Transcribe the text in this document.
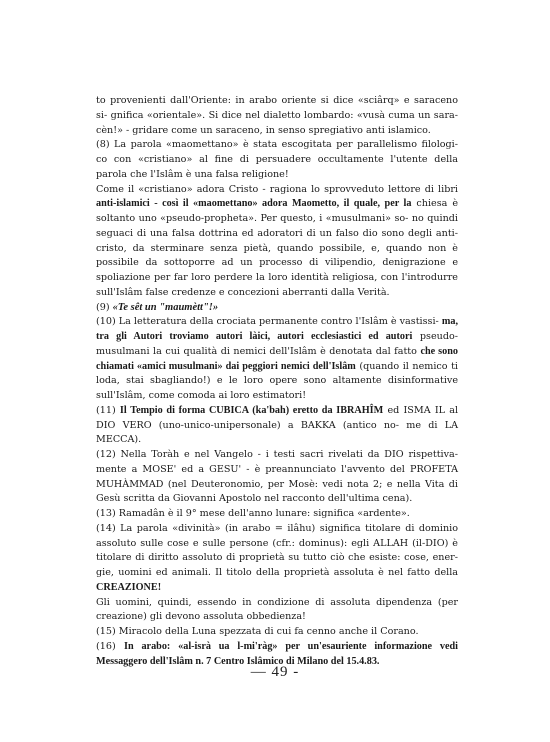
to provenienti dall'Oriente: in arabo oriente si dice «sciârq» e saraceno si- gnifica «orientale». Si dice nel dialetto lombardo: «vusà cuma un sara- cèn!» - gridare come un saraceno, in senso spregiativo anti islamico.

(8) La parola «maomettano» è stata escogitata per parallelismo filologi- co con «cristiano» al fine di persuadere occultamente l'utente della parola che l'Islâm è una falsa religione!

Come il «cristiano» adora Cristo - ragiona lo sprovveduto lettore di libri anti-islamici - così il «maomettano» adora Maometto, il quale, per la chiesa è soltanto uno «pseudo-propheta». Per questo, i «musulmani» so- no quindi seguaci di una falsa dottrina ed adoratori di un falso dio sono degli anti-cristo, da sterminare senza pietà, quando possibile, e, quando non è possibile da sottoporre ad un processo di vilipendio, denigrazione e spoliazione per far loro perdere la loro identità religiosa, con l'introdurre sull'Islâm false credenze e concezioni aberranti dalla Verità.

(9) «Te sêt un "maumètt"!»

(10) La letteratura della crociata permanente contro l'Islâm è vastissi- ma, tra gli Autori troviamo autori làici, autori ecclesiastici ed autori pseudo-musulmani la cui qualità di nemici dell'Islâm è denotata dal fatto che sono chiamati «amici musulmani» dai peggiori nemici dell'Islâm (quando il nemico ti loda, stai sbagliando!) e le loro opere sono altamente disinformative sull'Islâm, come comoda ai loro estimatori!

(11) Il Tempio di forma CUBICA (ka'bah) eretto da IBRAHÎM ed ISMA IL al DIO VERO (uno-unico-unipersonale) a BAKKA (antico no- me di LA MECCA).

(12) Nella Toràh e nel Vangelo - i testi sacri rivelati da DIO rispettiva- mente a MOSE' ed a GESU' - è preannunciato l'avvento del PROFETA MUHÀMMAD (nel Deuteronomio, per Mosè: vedi nota 2; e nella Vita di Gesù scritta da Giovanni Apostolo nel racconto dell'ultima cena).

(13) Ramadân è il 9° mese dell'anno lunare: significa «ardente».

(14) La parola «divinità» (in arabo = ilâhu) significa titolare di dominio assoluto sulle cose e sulle persone (cfr.: dominus): egli ALLAH (il-DIO) è titolare di diritto assoluto di proprietà su tutto ciò che esiste: cose, ener- gie, uomini ed animali. Il titolo della proprietà assoluta è nel fatto della CREAZIONE!

Gli uomini, quindi, essendo in condizione di assoluta dipendenza (per creazione) gli devono assoluta obbedienza!

(15) Miracolo della Luna spezzata di cui fa cenno anche il Corano.

(16) In arabo: «al-isrà ua l-mi'ràg» per un'esauriente informazione vedi Messaggero dell'Islâm n. 7 Centro Islâmico di Milano del 15.4.83.

— 49 -
